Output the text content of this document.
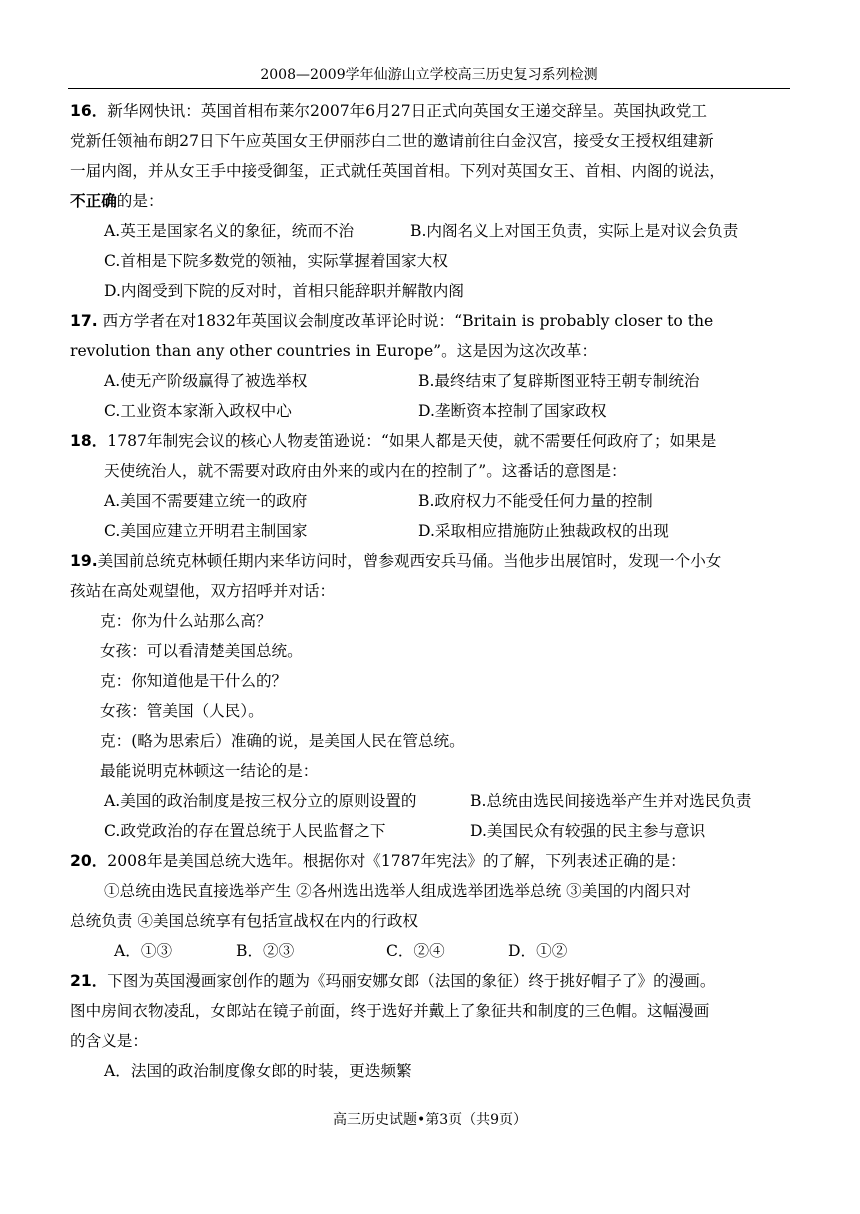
2008—2009学年仙游山立学校高三历史复习系列检测
16．新华网快讯：英国首相布莱尔2007年6月27日正式向英国女王递交辞呈。英国执政党工
党新任领袖布朗27日下午应英国女王伊丽莎白二世的邀请前往白金汉宫，接受女王授权组建新
一届内阁，并从女王手中接受御玺，正式就任英国首相。下列对英国女王、首相、内阁的说法，
不正确的是：
A.英王是国家名义的象征，统而不治	B.内阁名义上对国王负责，实际上是对议会负责
C.首相是下院多数党的领袖，实际掌握着国家大权
D.内阁受到下院的反对时，首相只能辞职并解散内阁
17. 西方学者在对1832年英国议会制度改革评论时说：“Britain is probably closer to the
revolution than any other countries in Europe”。这是因为这次改革：
A.使无产阶级赢得了被选举权	B.最终结束了复辟斯图亚特王朝专制统治
C.工业资本家渐入政权中心	D.垄断资本控制了国家政权
18．1787年制宪会议的核心人物麦笛逊说：“如果人都是天使，就不需要任何政府了；如果是
天使统治人，就不需要对政府由外来的或内在的控制了”。这番话的意图是：
A.美国不需要建立统一的政府	B.政府权力不能受任何力量的控制
C.美国应建立开明君主制国家	D.采取相应措施防止独裁政权的出现
19.美国前总统克林顿任期内来华访问时，曾参观西安兵马俑。当他步出展馆时，发现一个小女
孩站在高处观望他，双方招呼并对话：
克：你为什么站那么高？
女孩：可以看清楚美国总统。
克：你知道他是干什么的？
女孩：管美国（人民）。
克：(略为思索后）准确的说，是美国人民在管总统。
最能说明克林顿这一结论的是：
A.美国的政治制度是按三权分立的原则设置的	B.总统由选民间接选举产生并对选民负责
C.政党政治的存在置总统于人民监督之下	D.美国民众有较强的民主参与意识
20．2008年是美国总统大选年。根据你对《1787年宪法》的了解，下列表述正确的是：
①总统由选民直接选举产生 ②各州选出选举人组成选举团选举总统 ③美国的内阁只对
总统负责 ④美国总统享有包括宣战权在内的行政权
A．①③	B．②③	C．②④	D．①②
21．下图为英国漫画家创作的题为《玛丽安娜女郎（法国的象征）终于挑好帽子了》的漫画。
图中房间衣物凌乱，女郎站在镜子前面，终于选好并戴上了象征共和制度的三色帽。这幅漫画
的含义是：
A．法国的政治制度像女郎的时装，更迭频繁
高三历史试题•第3页（共9页）
